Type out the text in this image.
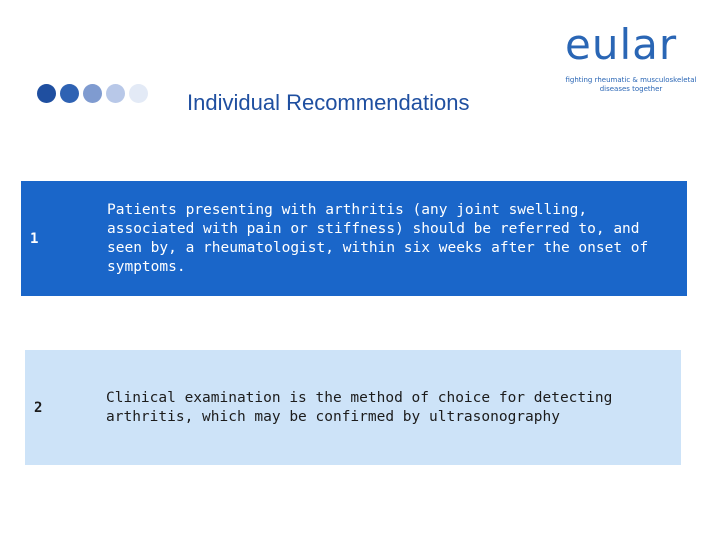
Individual Recommendations
eular
fighting rheumatic & musculoskeletal
diseases together
1
Patients presenting with arthritis (any joint swelling, associated with pain or stiffness) should be referred to, and seen by, a rheumatologist, within six weeks after the onset of symptoms.
2
Clinical examination is the method of choice for detecting arthritis, which may be confirmed by ultrasonography
